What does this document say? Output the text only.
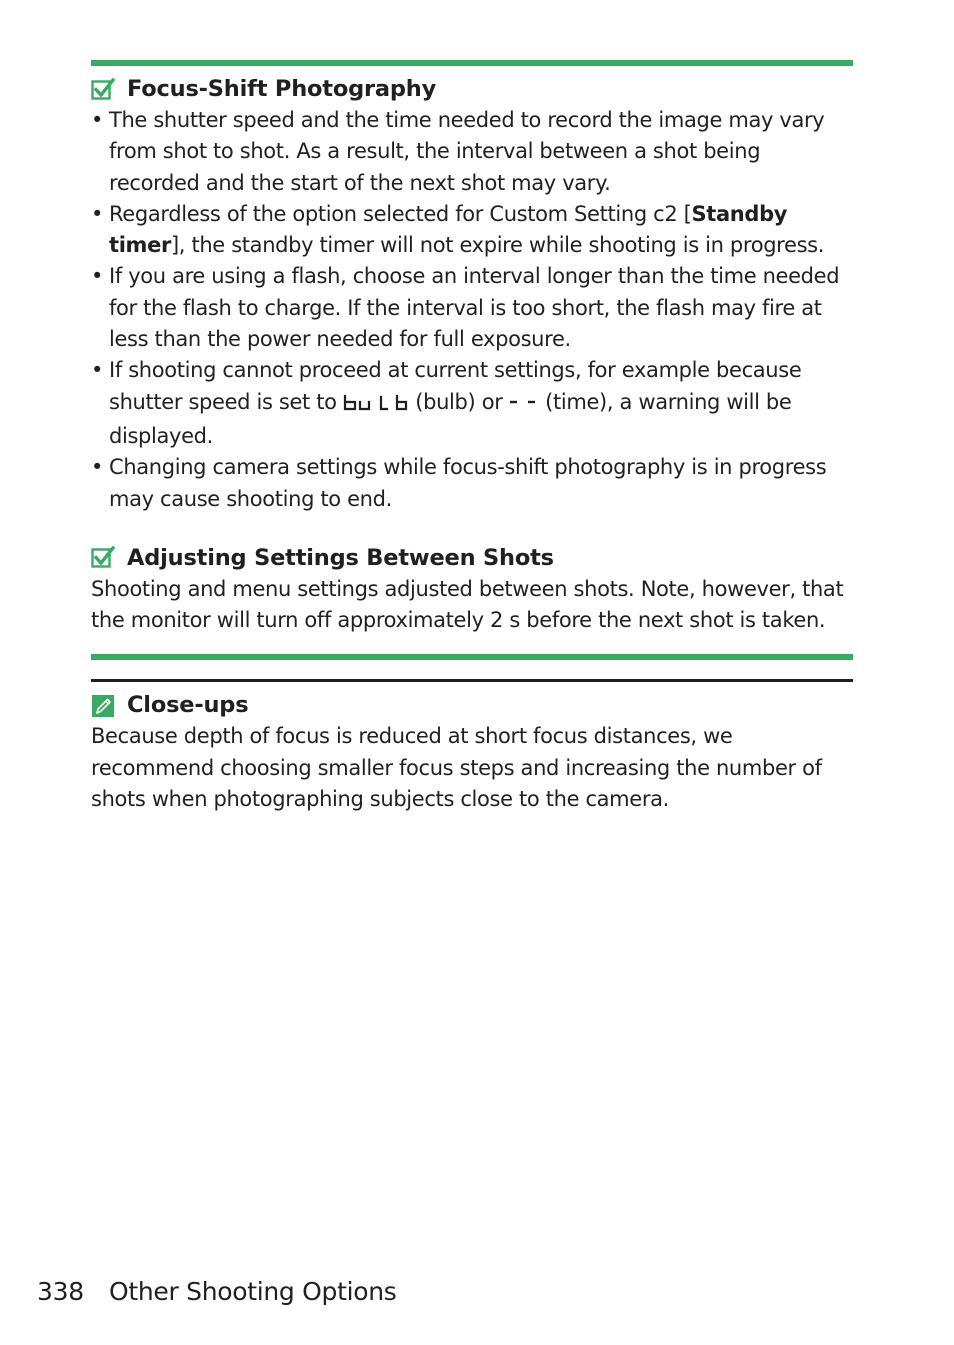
Focus-Shift Photography
• The shutter speed and the time needed to record the image may vary from shot to shot. As a result, the interval between a shot being recorded and the start of the next shot may vary.
• Regardless of the option selected for Custom Setting c2 [Standby timer], the standby timer will not expire while shooting is in progress.
• If you are using a flash, choose an interval longer than the time needed for the flash to charge. If the interval is too short, the flash may fire at less than the power needed for full exposure.
• If shooting cannot proceed at current settings, for example because shutter speed is set to	(bulb) or  (time), a warning will be displayed.
• Changing camera settings while focus-shift photography is in progress may cause shooting to end.
Adjusting Settings Between Shots

Shooting and menu settings adjusted between shots. Note, however, that the monitor will turn off approximately 2 s before the next shot is taken.

Close-ups

Because depth of focus is reduced at short focus distances, we recommend choosing smaller focus steps and increasing the number of shots when photographing subjects close to the camera.

338 Other Shooting Options
